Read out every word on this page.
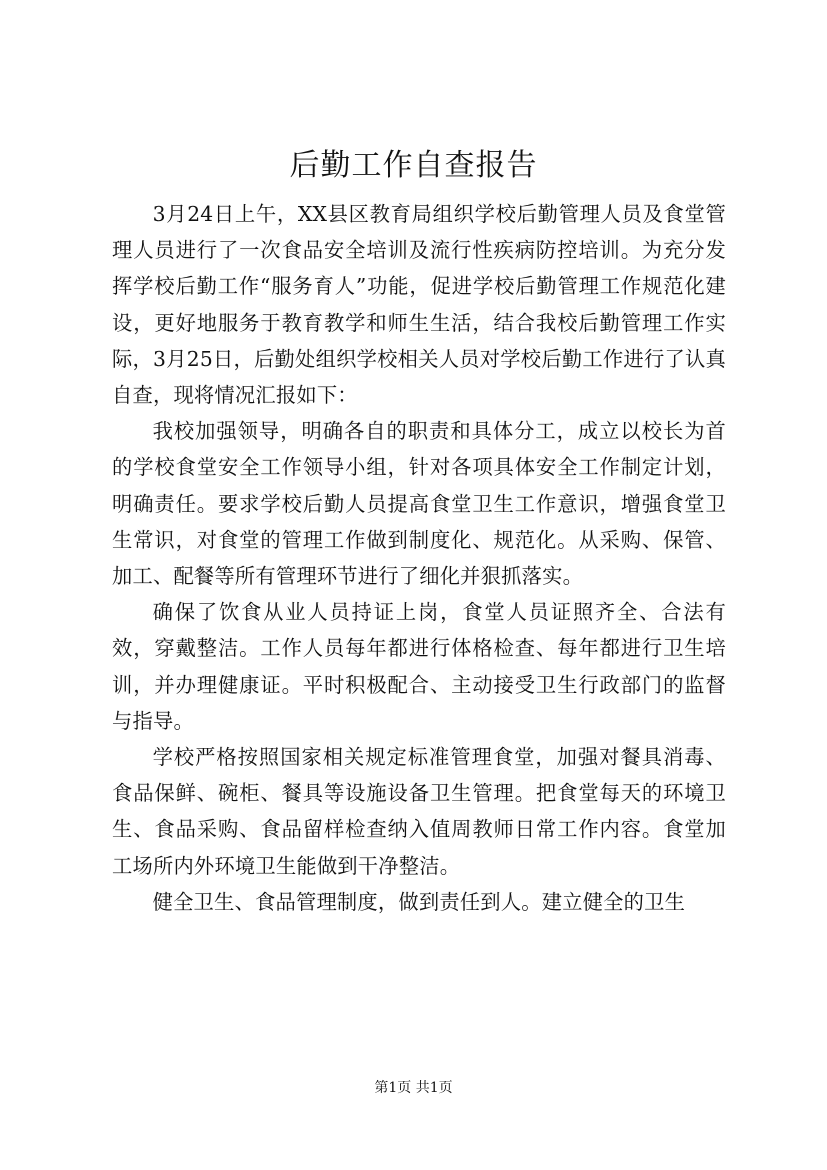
后勤工作自查报告

3月24日上午，XX县区教育局组织学校后勤管理人员及食堂管理人员进行了一次食品安全培训及流行性疾病防控培训。为充分发挥学校后勤工作“服务育人”功能，促进学校后勤管理工作规范化建设，更好地服务于教育教学和师生生活，结合我校后勤管理工作实际，3月25日，后勤处组织学校相关人员对学校后勤工作进行了认真自查，现将情况汇报如下：

我校加强领导，明确各自的职责和具体分工，成立以校长为首的学校食堂安全工作领导小组，针对各项具体安全工作制定计划，明确责任。要求学校后勤人员提高食堂卫生工作意识，增强食堂卫生常识，对食堂的管理工作做到制度化、规范化。从采购、保管、加工、配餐等所有管理环节进行了细化并狠抓落实。

确保了饮食从业人员持证上岗，食堂人员证照齐全、合法有效，穿戴整洁。工作人员每年都进行体格检查、每年都进行卫生培训，并办理健康证。平时积极配合、主动接受卫生行政部门的监督与指导。

学校严格按照国家相关规定标准管理食堂，加强对餐具消毒、食品保鲜、碗柜、餐具等设施设备卫生管理。把食堂每天的环境卫生、食品采购、食品留样检查纳入值周教师日常工作内容。食堂加工场所内外环境卫生能做到干净整洁。

健全卫生、食品管理制度，做到责任到人。建立健全的卫生

第1页 共1页
